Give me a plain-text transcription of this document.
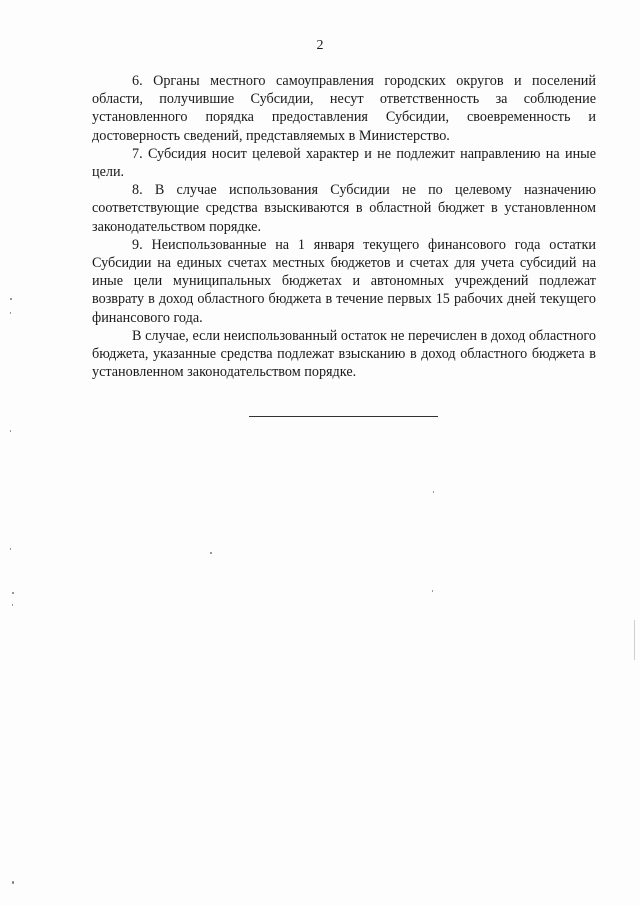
2

6. Органы местного самоуправления городских округов и поселений области, получившие Субсидии, несут ответственность за соблюдение установленного порядка предоставления Субсидии, своевременность и достоверность сведений, представляемых в Министерство.

7. Субсидия носит целевой характер и не подлежит направлению на иные цели.

8. В случае использования Субсидии не по целевому назначению соответствующие средства взыскиваются в областной бюджет в установленном законодательством порядке.

9. Неиспользованные на 1 января текущего финансового года остатки Субсидии на единых счетах местных бюджетов и счетах для учета субсидий на иные цели муниципальных бюджетах и автономных учреждений подлежат возврату в доход областного бюджета в течение первых 15 рабочих дней текущего финансового года.

В случае, если неиспользованный остаток не перечислен в доход областного бюджета, указанные средства подлежат взысканию в доход областного бюджета в установленном законодательством порядке.
